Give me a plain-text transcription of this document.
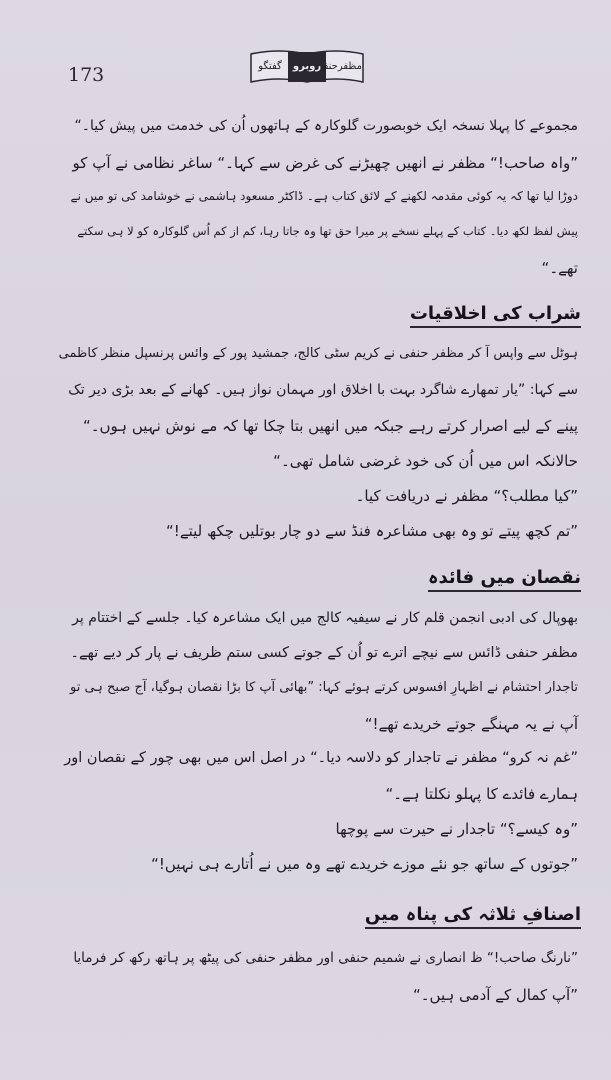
173	مظفرحنفی
روبرو
گفتگو
مجموعے کا پہلا نسخہ ایک خوبصورت گلوکارہ کے ہاتھوں اُن کی خدمت میں پیش کیا۔“
”واہ صاحب!“ مظفر نے انھیں چھیڑنے کی غرض سے کہا۔“ ساغر نظامی نے آپ کو
دوڑا لیا تھا کہ یہ کوئی مقدمہ لکھنے کے لائق کتاب ہے۔ ڈاکٹر مسعود ہاشمی نے خوشامد کی تو میں نے
پیش لفظ لکھ دیا۔ کتاب کے پہلے نسخے پر میرا حق تھا وہ جاتا رہا، کم از کم اُس گلوکارہ کو لا ہی سکتے
تھے۔“
شراب کی اخلاقیات
ہوٹل سے واپس آ کر مظفر حنفی نے کریم سٹی کالج، جمشید پور کے وائس پرنسپل منظر کاظمی
سے کہا: ”یار تمھارے شاگرد بہت با اخلاق اور مہمان نواز ہیں۔ کھانے کے بعد بڑی دیر تک
پینے کے لیے اصرار کرتے رہے جبکہ میں انھیں بتا چکا تھا کہ مے نوش نہیں ہوں۔“
حالانکہ اس میں اُن کی خود غرضی شامل تھی۔“
”کیا مطلب؟“ مظفر نے دریافت کیا۔
”تم کچھ پیتے تو وہ بھی مشاعرہ فنڈ سے دو چار بوتلیں چکھ لیتے!“
نقصان میں فائدہ
بھوپال کی ادبی انجمن قلم کار نے سیفیہ کالج میں ایک مشاعرہ کیا۔ جلسے کے اختتام پر
مظفر حنفی ڈائس سے نیچے اترے تو اُن کے جوتے کسی ستم ظریف نے پار کر دیے تھے۔
تاجدار احتشام نے اظہارِ افسوس کرتے ہوئے کہا: ”بھائی آپ کا بڑا نقصان ہوگیا، آج صبح ہی تو
آپ نے یہ مہنگے جوتے خریدے تھے!“
”غم نہ کرو“ مظفر نے تاجدار کو دلاسہ دیا۔“ در اصل اس میں بھی چور کے نقصان اور
ہمارے فائدے کا پہلو نکلتا ہے۔“
”وہ کیسے؟“ تاجدار نے حیرت سے پوچھا
”جوتوں کے ساتھ جو نئے موزے خریدے تھے وہ میں نے اُتارے ہی نہیں!“
اصنافِ ثلاثہ کی پناہ میں
”نارنگ صاحب!“ ظ انصاری نے شمیم حنفی اور مظفر حنفی کی پیٹھ پر ہاتھ رکھ کر فرمایا
”آپ کمال کے آدمی ہیں۔“
